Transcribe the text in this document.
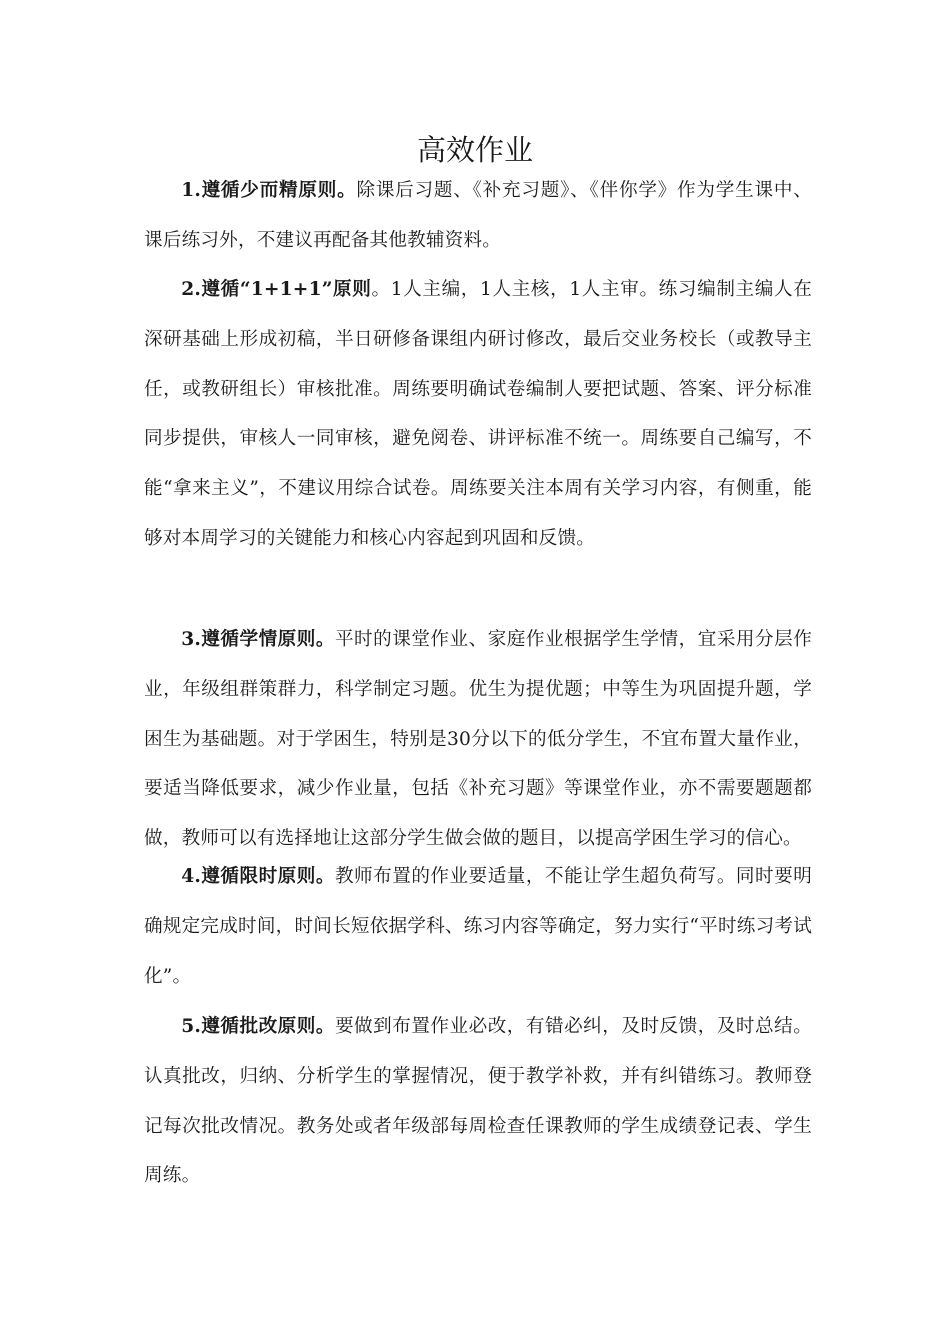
高效作业

1.遵循少而精原则。除课后习题、《补充习题》、《伴你学》作为学生课中、课后练习外，不建议再配备其他教辅资料。

2.遵循“1+1+1”原则。1人主编，1人主核，1人主审。练习编制主编人在深研基础上形成初稿，半日研修备课组内研讨修改，最后交业务校长（或教导主任，或教研组长）审核批准。周练要明确试卷编制人要把试题、答案、评分标准同步提供，审核人一同审核，避免阅卷、讲评标准不统一。周练要自己编写，不能“拿来主义”，不建议用综合试卷。周练要关注本周有关学习内容，有侧重，能够对本周学习的关键能力和核心内容起到巩固和反馈。

3.遵循学情原则。平时的课堂作业、家庭作业根据学生学情，宜采用分层作业，年级组群策群力，科学制定习题。优生为提优题；中等生为巩固提升题，学困生为基础题。对于学困生，特别是30分以下的低分学生，不宜布置大量作业，要适当降低要求，减少作业量，包括《补充习题》等课堂作业，亦不需要题题都做，教师可以有选择地让这部分学生做会做的题目，以提高学困生学习的信心。

4.遵循限时原则。教师布置的作业要适量，不能让学生超负荷写。同时要明确规定完成时间，时间长短依据学科、练习内容等确定，努力实行“平时练习考试化”。

5.遵循批改原则。要做到布置作业必改，有错必纠，及时反馈，及时总结。认真批改，归纳、分析学生的掌握情况，便于教学补救，并有纠错练习。教师登记每次批改情况。教务处或者年级部每周检查任课教师的学生成绩登记表、学生周练。
